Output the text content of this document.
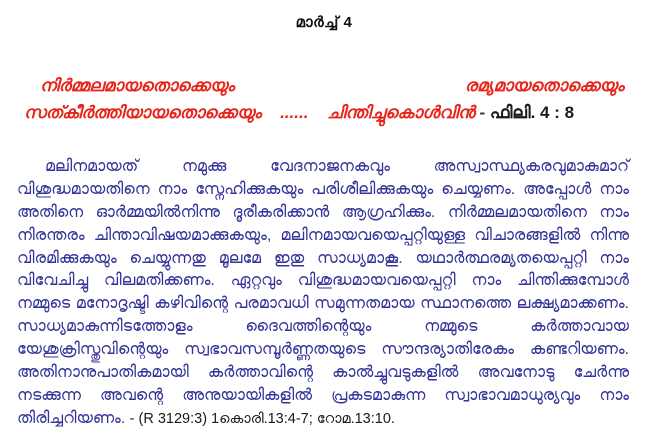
മാർച്ച് 4
നിർമ്മലമായതൊക്കെയും രമ്യമായതൊക്കെയും സത്കീർത്തിയായതൊക്കെയും ...... ചിന്തിച്ചുകൊൾവിൻ - ഫിലി. 4 : 8
മലിനമായത് നമുക്കു വേദനാജനകവും അസ്വാസ്ഥ്യകരവുമാകുമാറ് വിശുദ്ധമായതിനെ നാം സ്നേഹിക്കുകയും പരിശീലിക്കുകയും ചെയ്യണം. അപ്പോൾ നാം അതിനെ ഓർമ്മയിൽനിന്നു ദൂരീകരിക്കാൻ ആഗ്രഹിക്കും. നിർമ്മലമായതിനെ നാം നിരന്തരം ചിന്താവിഷയമാക്കുകയും, മലിനമായവയെപ്പറ്റിയുള്ള വിചാരങ്ങളിൽ നിന്നു വിരമിക്കുകയും ചെയ്യുന്നതു മൂലമേ ഇതു സാധ്യമാകൂ. യഥാർത്ഥരമ്യതയെപ്പറ്റി നാം വിവേചിച്ചു വിലമതിക്കണം. ഏറ്റവും വിശുദ്ധമായവയെപ്പറ്റി നാം ചിന്തിക്കുമ്പോൾ നമ്മുടെ മനോദൃഷ്ടി കഴിവിന്റെ പരമാവധി സമുന്നതമായ സ്ഥാനത്തെ ലക്ഷ്യമാക്കണം. സാധ്യമാകുന്നിടത്തോളം ദൈവത്തിന്റെയും നമ്മുടെ കർത്താവായ യേശുക്രിസ്തുവിന്റെയും സ്വഭാവസമ്പൂർണ്ണതയുടെ സൗന്ദര്യാതിരേകം കണ്ടറിയണം. അതിനാനുപാതികമായി കർത്താവിന്റെ കാൽച്ചുവടുകളിൽ അവനോടു ചേർന്നു നടക്കുന്ന അവന്റെ അനുയായികളിൽ പ്രകടമാകുന്ന സ്വാഭാവമാധുര്യവും നാം തിരിച്ചറിയണം. - (R 3129:3) 1കൊരി.13:4-7; റോമ.13:10.
